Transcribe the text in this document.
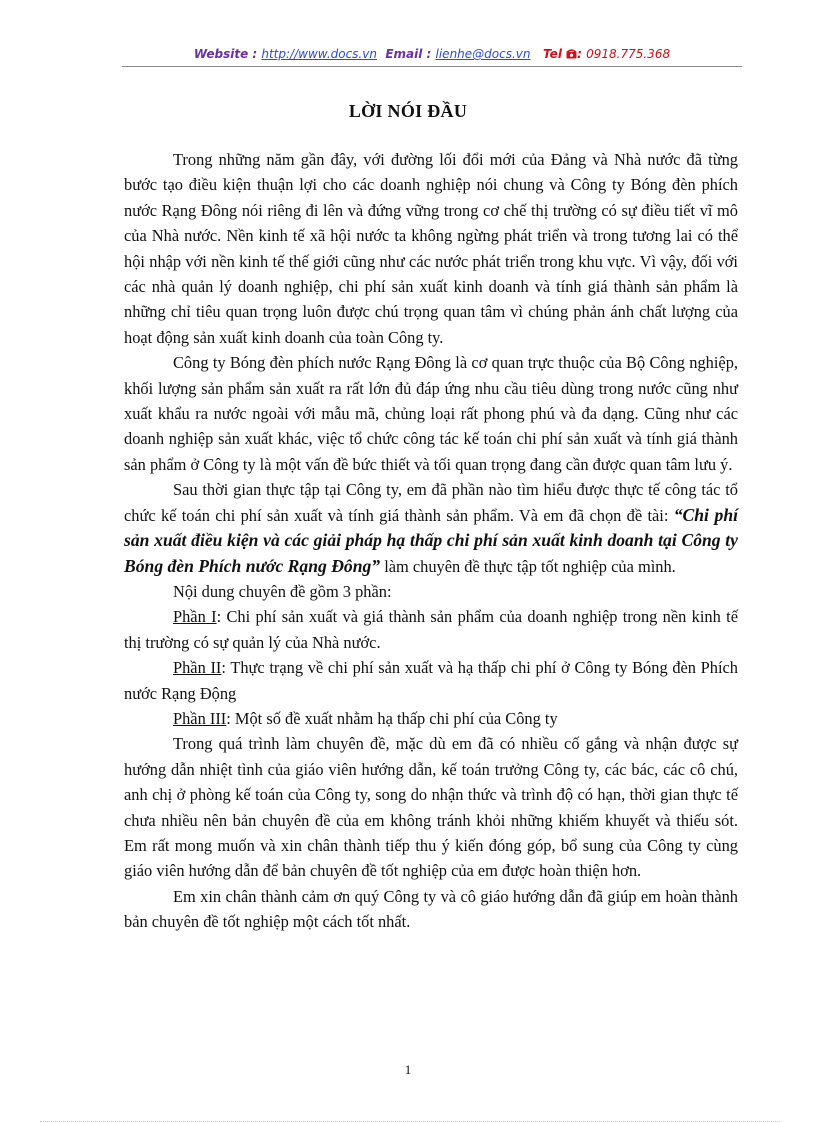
Website : http://www.docs.vn Email : lienhe@docs.vn Tel : 0918.775.368
LỜI NÓI ĐẦU

Trong những năm gần đây, với đường lối đổi mới của Đảng và Nhà nước đã từng bước tạo điều kiện thuận lợi cho các doanh nghiệp nói chung và Công ty Bóng đèn phích nước Rạng Đông nói riêng đi lên và đứng vững trong cơ chế thị trường có sự điều tiết vĩ mô của Nhà nước. Nền kinh tế xã hội nước ta không ngừng phát triển và trong tương lai có thể hội nhập với nền kinh tế thế giới cũng như các nước phát triển trong khu vực. Vì vậy, đối với các nhà quản lý doanh nghiệp, chi phí sản xuất kinh doanh và tính giá thành sản phẩm là những chỉ tiêu quan trọng luôn được chú trọng quan tâm vì chúng phản ánh chất lượng của hoạt động sản xuất kinh doanh của toàn Công ty.

Công ty Bóng đèn phích nước Rạng Đông là cơ quan trực thuộc của Bộ Công nghiệp, khối lượng sản phẩm sản xuất ra rất lớn đủ đáp ứng nhu cầu tiêu dùng trong nước cũng như xuất khẩu ra nước ngoài với mẫu mã, chủng loại rất phong phú và đa dạng. Cũng như các doanh nghiệp sản xuất khác, việc tổ chức công tác kế toán chi phí sản xuất và tính giá thành sản phẩm ở Công ty là một vấn đề bức thiết và tối quan trọng đang cần được quan tâm lưu ý.

Sau thời gian thực tập tại Công ty, em đã phần nào tìm hiểu được thực tế công tác tổ chức kế toán chi phí sản xuất và tính giá thành sản phẩm. Và em đã chọn đề tài: “Chi phí sản xuất điều kiện và các giải pháp hạ thấp chi phí sản xuất kinh doanh tại Công ty Bóng đèn Phích nước Rạng Đông” làm chuyên đề thực tập tốt nghiệp của mình.

Nội dung chuyên đề gồm 3 phần:

Phần I: Chi phí sản xuất và giá thành sản phẩm của doanh nghiệp trong nền kinh tế thị trường có sự quản lý của Nhà nước.

Phần II: Thực trạng về chi phí sản xuất và hạ thấp chi phí ở Công ty Bóng đèn Phích nước Rạng Động

Phần III: Một số đề xuất nhằm hạ thấp chi phí của Công ty

Trong quá trình làm chuyên đề, mặc dù em đã có nhiều cố gắng và nhận được sự hướng dẫn nhiệt tình của giáo viên hướng dẫn, kế toán trưởng Công ty, các bác, các cô chú, anh chị ở phòng kế toán của Công ty, song do nhận thức và trình độ có hạn, thời gian thực tế chưa nhiều nên bản chuyên đề của em không tránh khỏi những khiếm khuyết và thiếu sót. Em rất mong muốn và xin chân thành tiếp thu ý kiến đóng góp, bổ sung của Công ty cùng giáo viên hướng dẫn để bản chuyên đề tốt nghiệp của em được hoàn thiện hơn.

Em xin chân thành cảm ơn quý Công ty và cô giáo hướng dẫn đã giúp em hoàn thành bản chuyên đề tốt nghiệp một cách tốt nhất.

1
